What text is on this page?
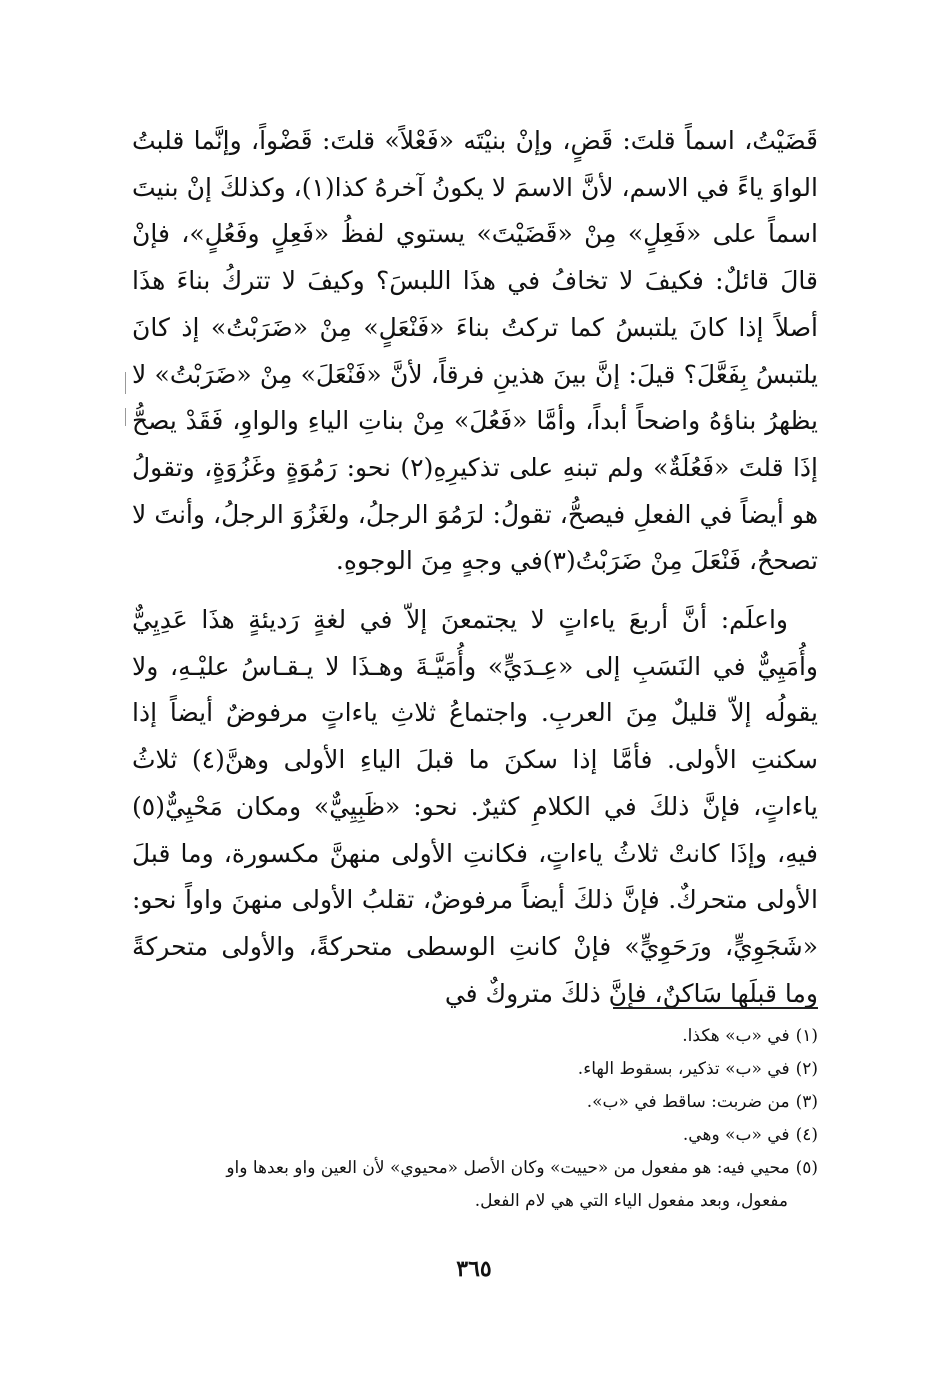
قَضَيْتُ، اسماً قلتَ: قَضٍ، وإنْ بنيْتَه «فَعْلاً» قلتَ: قَضْواً، وإنَّما قلبتُ الواوَ ياءً في الاسم، لأنَّ الاسمَ لا يكونُ آخرهُ كذا(١)، وكذلكَ إنْ بنيتَ اسماً على «فَعِلٍ» مِنْ «قَضَيْتَ» يستوي لفظُ «فَعِلٍ وفَعُلٍ»، فإنْ قالَ قائلٌ: فكيفَ لا تخافُ في هذَا اللبسَ؟ وكيفَ لا تتركُ بناءَ هذَا أصلاً إذا كانَ يلتبسُ كما تركتُ بناءَ «فَنْعَلٍ» مِنْ «ضَرَبْتُ» إذ كانَ يلتبسُ بِفَعَّلَ؟ قيلَ: إنَّ بينَ هذينِ فرقاً، لأنَّ «فَنْعَلَ» مِنْ «ضَرَبْتُ» لا يظهرُ بناؤهُ واضحاً أبداً، وأمَّا «فَعُلَ» مِنْ بناتِ الياءِ والواوِ، فَقَدْ يصحُّ إذَا قلتَ «فَعُلَةٌ» ولم تبنهِ على تذكيرِهِ(٢) نحو: رَمُوَةٍ وغَزُوَةٍ، وتقولُ هو أيضاً في الفعلِ فيصحُّ، تقولُ: لرَمُوَ الرجلُ، ولغَزُوَ الرجلُ، وأنتَ لا تصححُ، فَنْعَلَ مِنْ ضَرَبْتُ(٣)في وجهٍ مِنَ الوجوهِ.

واعلَم: أنَّ أربعَ ياءاتٍ لا يجتمعنَ إلاّ في لغةٍ رَديئةٍ هذَا عَدِيِيٌّ وأُمَيِيٌّ في النَسَبِ إلى «عِـدَيٍّ» وأُمَيَّـةَ وهـذَا لا يـقـاسُ عليْـهِ، ولا يقولُه إلاّ قليلٌ مِنَ العربِ. واجتماعُ ثلاثِ ياءاتٍ مرفوضٌ أيضاً إذا سكنتِ الأولى. فأمَّا إذا سكنَ ما قبلَ الياءِ الأولى وهنَّ(٤) ثلاثُ ياءاتٍ، فإنَّ ذلكَ في الكلامِ كثيرٌ. نحو: «ظَبِيِيٌّ» ومكان مَحْيِيٌّ(٥) فيهِ، وإذَا كانتْ ثلاثُ ياءاتٍ، فكانتِ الأولى منهنَّ مكسورة، وما قبلَ الأولى متحركٌ. فإنَّ ذلكَ أيضاً مرفوضٌ، تقلبُ الأولى منهنَ واواً نحو: «شَجَوِيٍّ، ورَحَوِيٍّ» فإنْ كانتِ الوسطى متحركةً، والأولى متحركةً وما قبلَها سَاكنٌ، فإنَّ ذلكَ متروكٌ في

(١)في «ب» هكذا.
(٢)في «ب» تذكير، بسقوط الهاء.
(٣)من ضربت: ساقط في «ب».
(٤)في «ب» وهي.
(٥)محيي فيه: هو مفعول من «حييت» وكان الأصل «محيوي» لأن العين واو بعدها واو
مفعول، وبعد مفعول الياء التي هي لام الفعل.
٣٦٥
